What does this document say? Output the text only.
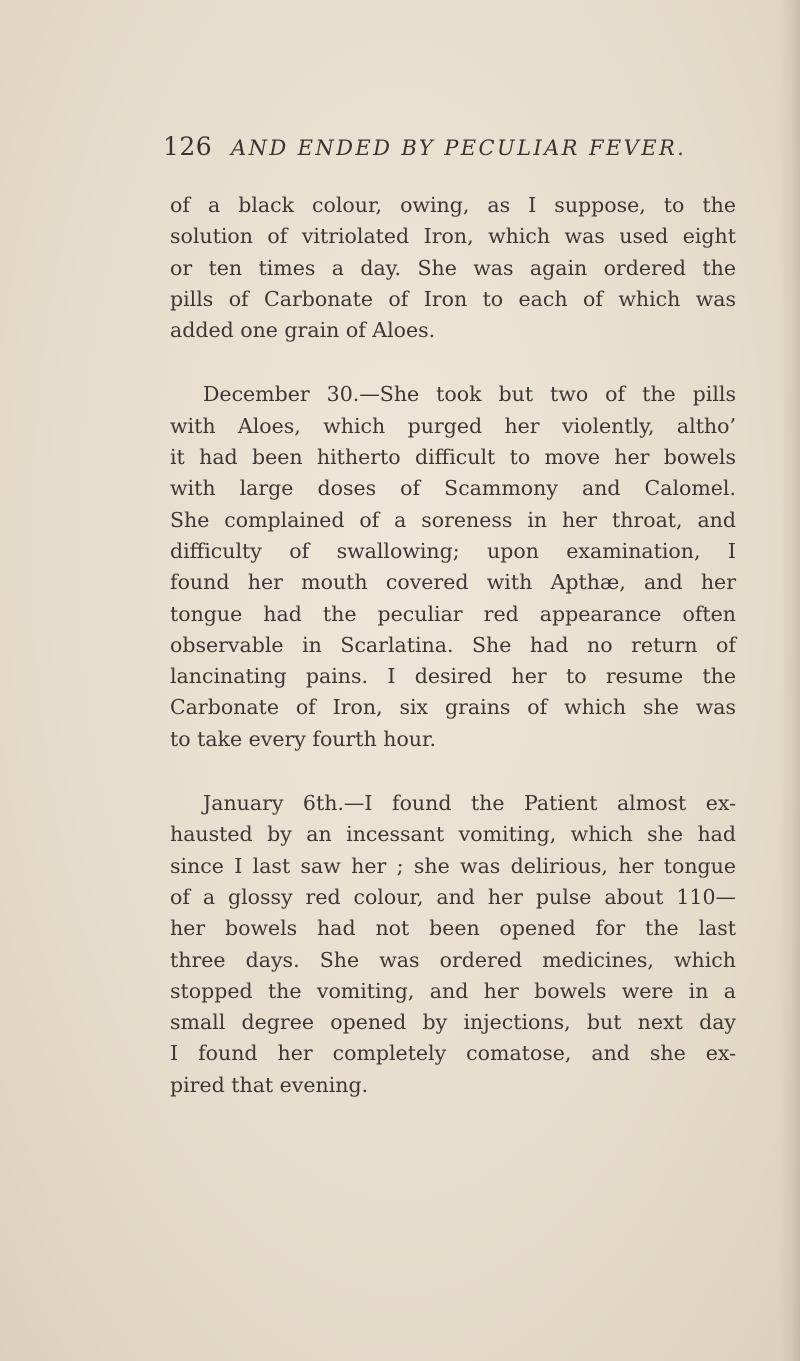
126 AND ENDED BY PECULIAR FEVER.

of a black colour, owing, as I suppose, to the
solution of vitriolated Iron, which was used eight
or ten times a day. She was again ordered the
pills of Carbonate of Iron to each of which was
added one grain of Aloes.

December 30.—She took but two of the pills
with Aloes, which purged her violently, altho’
it had been hitherto difficult to move her bowels
with large doses of Scammony and Calomel.
She complained of a soreness in her throat, and
difficulty of swallowing; upon examination, I
found her mouth covered with Apthæ, and her
tongue had the peculiar red appearance often
observable in Scarlatina. She had no return of
lancinating pains. I desired her to resume the
Carbonate of Iron, six grains of which she was
to take every fourth hour.

January 6th.—I found the Patient almost ex-
hausted by an incessant vomiting, which she had
since I last saw her ; she was delirious, her tongue
of a glossy red colour, and her pulse about 110—
her bowels had not been opened for the last
three days. She was ordered medicines, which
stopped the vomiting, and her bowels were in a
small degree opened by injections, but next day
I found her completely comatose, and she ex-
pired that evening.
